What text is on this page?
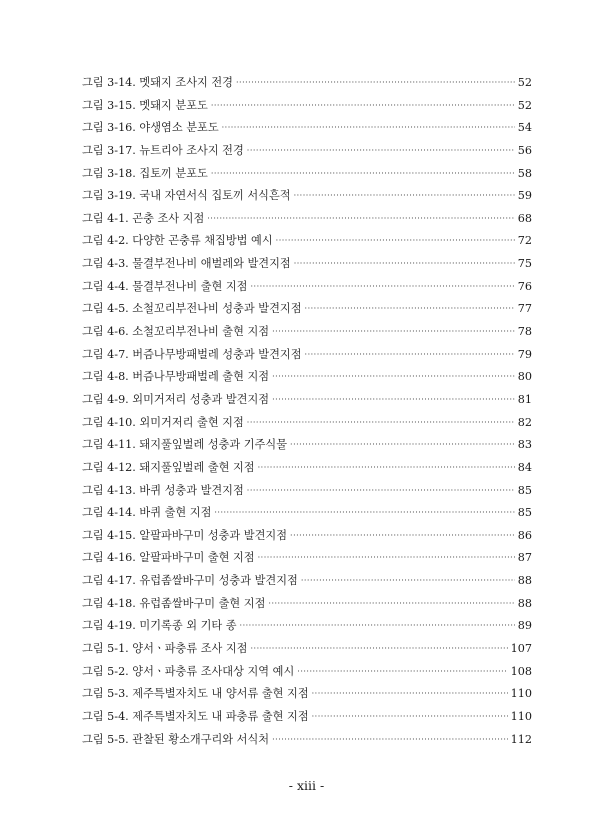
그림 3-14. 멧돼지 조사지 전경 ·····	52
그림 3-15. 멧돼지 분포도 ·····	52
그림 3-16. 야생염소 분포도 ·····	54
그림 3-17. 뉴트리아 조사지 전경 ·····	56
그림 3-18. 집토끼 분포도 ·····	58
그림 3-19. 국내 자연서식 집토끼 서식흔적 ·····	59
그림 4-1. 곤충 조사 지점 ·····	68
그림 4-2. 다양한 곤충류 채집방법 예시 ·····	72
그림 4-3. 물결부전나비 애벌레와 발견지점 ·····	75
그림 4-4. 물결부전나비 출현 지점 ·····	76
그림 4-5. 소철꼬리부전나비 성충과 발견지점 ·····	77
그림 4-6. 소철꼬리부전나비 출현 지점 ·····	78
그림 4-7. 버즘나무방패벌레 성충과 발견지점 ·····	79
그림 4-8. 버즘나무방패벌레 출현 지점 ·····	80
그림 4-9. 외미거저리 성충과 발견지점 ·····	81
그림 4-10. 외미거저리 출현 지점 ·····	82
그림 4-11. 돼지풀잎벌레 성충과 기주식물 ·····	83
그림 4-12. 돼지풀잎벌레 출현 지점 ·····	84
그림 4-13. 바퀴 성충과 발견지점 ·····	85
그림 4-14. 바퀴 출현 지점 ·····	85
그림 4-15. 알팔파바구미 성충과 발견지점 ·····	86
그림 4-16. 알팔파바구미 출현 지점 ·····	87
그림 4-17. 유럽좀쌀바구미 성충과 발견지점 ·····	88
그림 4-18. 유럽좀쌀바구미 출현 지점 ·····	88
그림 4-19. 미기록종 외 기타 종 ·····	89
그림 5-1. 양서ㆍ파충류 조사 지점 ·····	107
그림 5-2. 양서ㆍ파충류 조사대상 지역 예시 ·····	108
그림 5-3. 제주특별자치도 내 양서류 출현 지점 ·····	110
그림 5-4. 제주특별자치도 내 파충류 출현 지점 ·····	110
그림 5-5. 관찰된 황소개구리와 서식처 ·····	112
- xiii -
